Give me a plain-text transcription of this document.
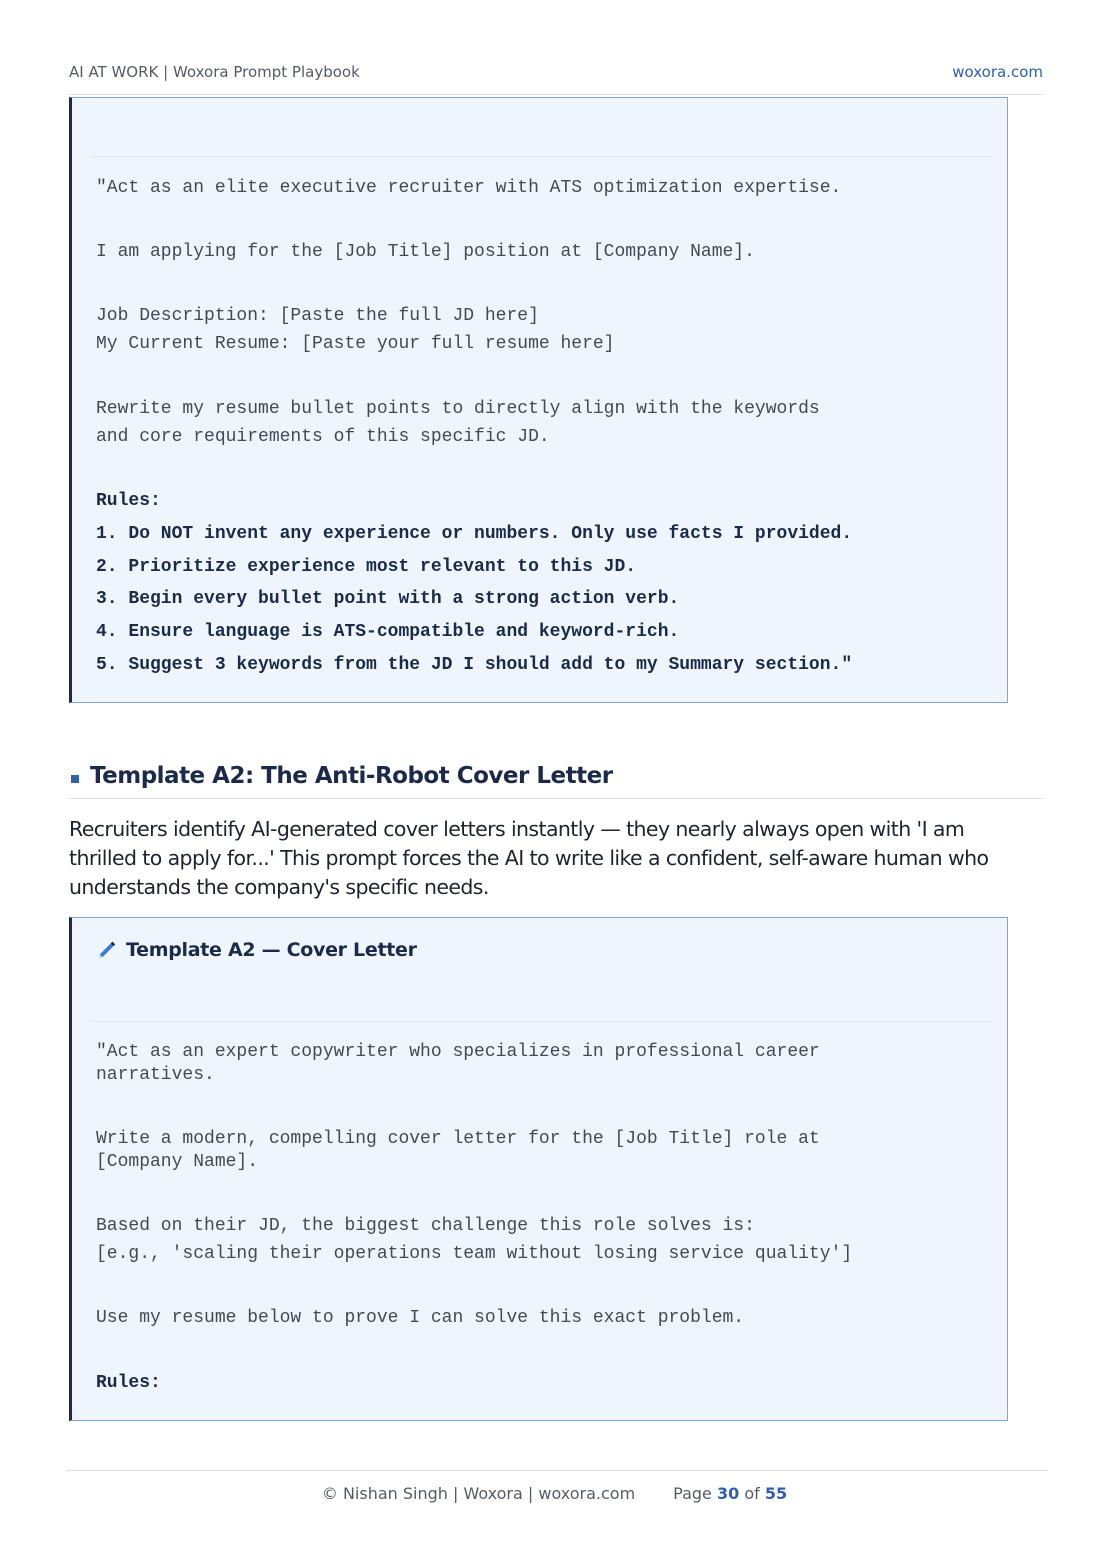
AI AT WORK | Woxora Prompt Playbook	woxora.com
"Act as an elite executive recruiter with ATS optimization expertise.
I am applying for the [Job Title] position at [Company Name].
Job Description: [Paste the full JD here]
My Current Resume: [Paste your full resume here]
Rewrite my resume bullet points to directly align with the keywords
and core requirements of this specific JD.
Rules:
1. Do NOT invent any experience or numbers. Only use facts I provided.
2. Prioritize experience most relevant to this JD.
3. Begin every bullet point with a strong action verb.
4. Ensure language is ATS-compatible and keyword-rich.
5. Suggest 3 keywords from the JD I should add to my Summary section."
Template A2: The Anti-Robot Cover Letter
Recruiters identify AI-generated cover letters instantly — they nearly always open with 'I am thrilled to apply for...' This prompt forces the AI to write like a confident, self-aware human who understands the company's specific needs.
Template A2 — Cover Letter
"Act as an expert copywriter who specializes in professional career
narratives.
Write a modern, compelling cover letter for the [Job Title] role at
[Company Name].
Based on their JD, the biggest challenge this role solves is:
[e.g., 'scaling their operations team without losing service quality']
Use my resume below to prove I can solve this exact problem.
Rules:
© Nishan Singh | Woxora | woxora.com Page 30 of 55
